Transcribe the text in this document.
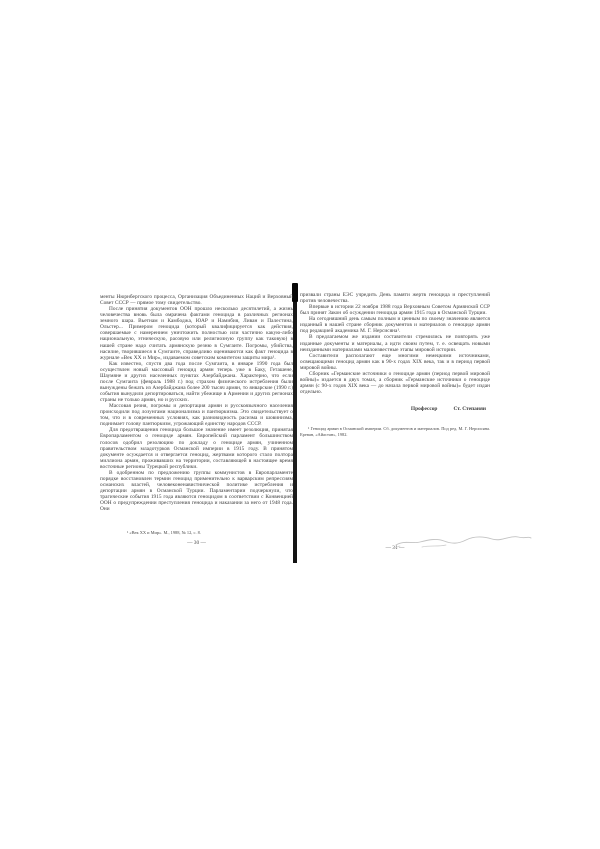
менты Нюрнбергского процесса, Организация Объединенных Наций и Верховный Совет СССР — прямое тому свидетельство.

После принятия документов ООН прошло несколько десятилетий, а жизнь человечества вновь была омрачена фактами геноцида в различных регионах земного шара. Вьетнам и Камбоджа, ЮАР и Намибия, Ливан и Палестина, Ольстер... Примером геноцида (который квалифицируется как действия, совершаемые с намерением уничтожить полностью или частично какую-либо национальную, этническую, расовую или религиозную группу как таковую) в нашей стране надо считать армянскую резню в Сумгаите. Погромы, убийства, насилие, творившиеся в Сумгаите, справедливо оцениваются как факт геноцида в журнале «Век XX и Мир», издаваемом советским комитетом защиты мира¹.

Как известно, спустя два года после Сумгаита, в январе 1990 года был осуществлен новый массовый геноцид армян теперь уже в Баку, Геташене, Шаумяне и других населенных пунктах Азербайджана. Характерно, что если после Сумгаита (февраль 1988 г.) под страхом физического истребления были вынуждены бежать из Азербайджана более 200 тысяч армян, то январские (1990 г.) события вынудили депортироваться, найти убежище в Армении и других регионах страны не только армян, но и русских.

Массовая резня, погромы и депортация армян и русскоязычного населения происходили под лозунгами национализма и пантюркизма. Это свидетельствует о том, что и в современных условиях, как разновидность расизма и шовинизма, поднимает голову пантюркизм, угрожающий единству народов СССР.

Для предотвращения геноцида большое значение имеет резолюция, принятая Европарламентом о геноциде армян. Европейский парламент большинством голосов одобрил резолюцию по докладу о геноциде армян, учиненном правительством младотурков Османской империи в 1915 году. В принятом документе осуждается и отвергается геноцид, жертвами которого стало полтора миллиона армян, проживавших на территории, составляющей в настоящее время восточные регионы Турецкой республики.

В одобренном по предложению группы коммунистов в Европарламенте порядке восстановлен термин геноцид применительно к варварским репрессиям османских властей, человеконенавистнической политике истребления и депортации армян в Османской Турции. Парламентарии подчеркнули, что трагические события 1915 года являются геноцидом в соответствии с Конвенцией ООН о предупреждении преступления геноцида и наказании за него от 1948 года. Они

¹ «Век XX и Мир». М., 1988, № 12, с. 8.
— 30 —

призвали страны ЕЭС учредить День памяти жертв геноцида и преступлений против человечества.

Впервые в истории 22 ноября 1988 года Верховным Советом Армянской ССР был принят Закон об осуждении геноцида армян 1915 года в Османской Турции.

На сегодняшний день самым полным и ценным по своему значению является изданный в нашей стране сборник документов и материалов о геноциде армян под редакцией академика М. Г. Нерсисяна¹.

В предлагаемом же издании составители стремились не повторять уже изданные документы и материалы, а идти своим путем, т. е. освещать новыми неизданными материалами малоизвестные этапы мировой истории.

Составители располагают еще многими немецкими источниками, освещающими геноцид армян как в 90-х годах XIX века, так и в период первой мировой войны.

Сборник «Германские источники о геноциде армян (период первой мировой войны)» издается в двух томах, а сборник «Германские источники о геноциде армян (с 90-х годов XIX века — до начала первой мировой войны)» будет издан отдельно.

Профессор	Ст. Степанян
¹ Геноцид армян в Османской империи. Сб. документов и материалов. Под ред. М. Г. Нерсисяна. Ереван, «Айастан», 1982.
— 31 —
